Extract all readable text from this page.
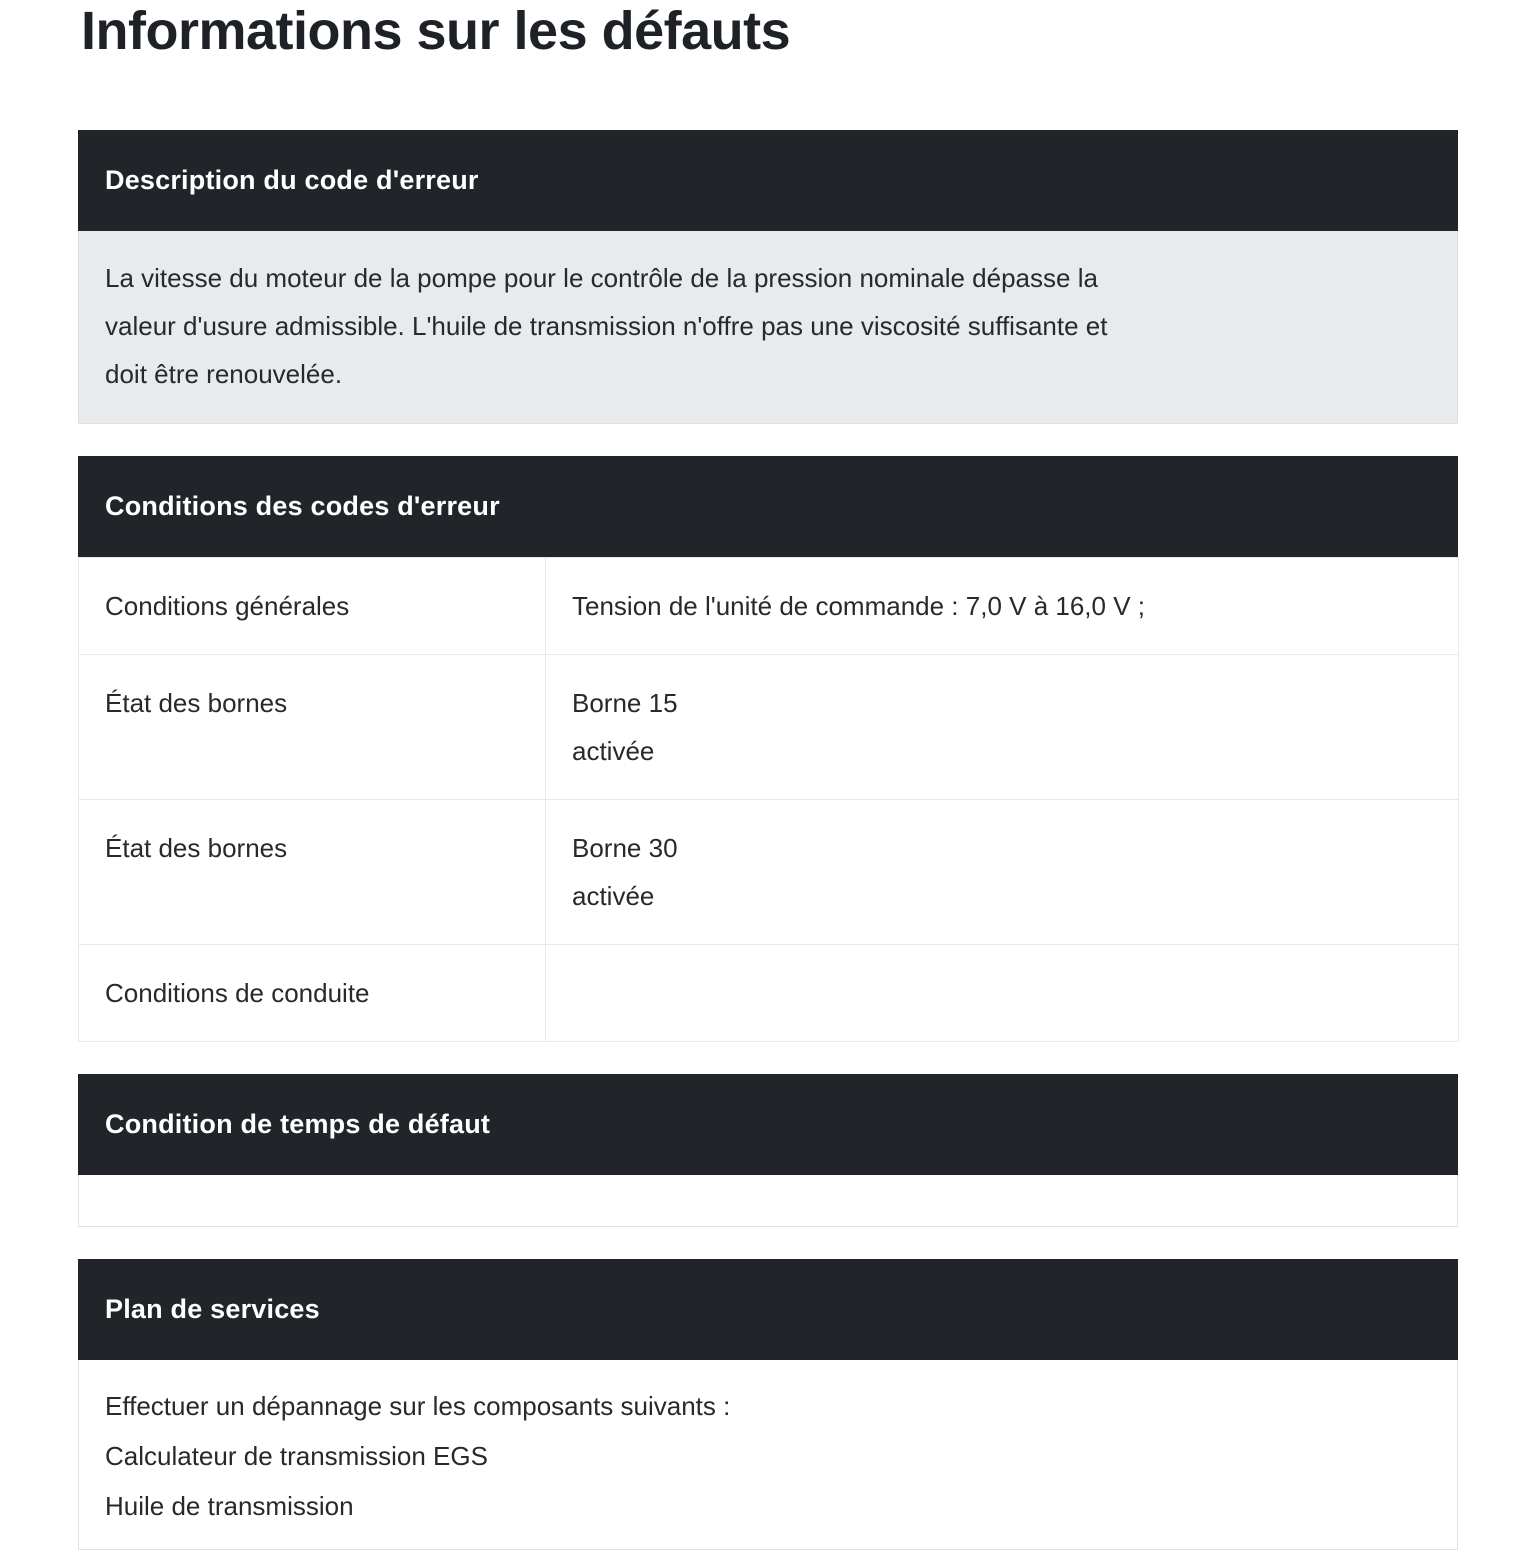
Informations sur les défauts
Description du code d'erreur
La vitesse du moteur de la pompe pour le contrôle de la pression nominale dépasse la
valeur d'usure admissible. L'huile de transmission n'offre pas une viscosité suffisante et
doit être renouvelée.
Conditions des codes d'erreur
Conditions générales	Tension de l'unité de commande : 7,0 V à 16,0 V ;

État des bornes	Borne 15
activée

État des bornes	Borne 30
activée

Conditions de conduite	
Condition de temps de défaut
Plan de services
Effectuer un dépannage sur les composants suivants :
Calculateur de transmission EGS
Huile de transmission
